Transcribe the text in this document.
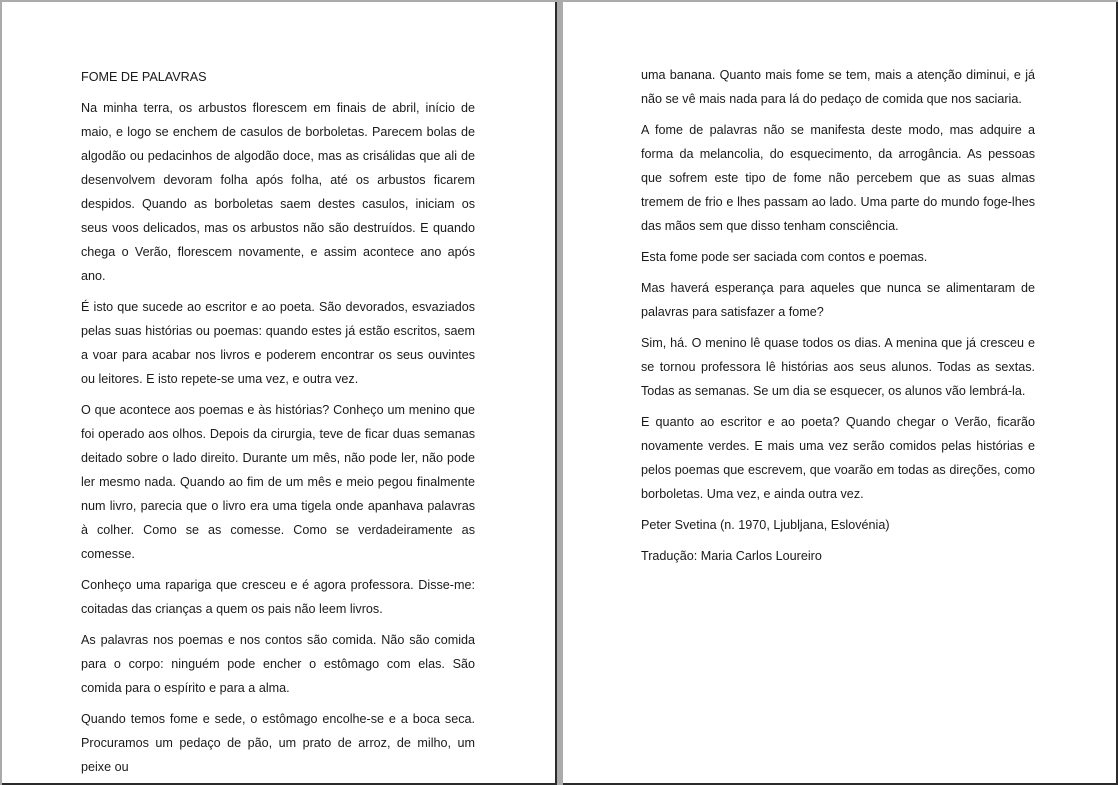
FOME DE PALAVRAS

Na minha terra, os arbustos florescem em finais de abril, início de maio, e logo se enchem de casulos de borboletas. Parecem bolas de algodão ou pedacinhos de algodão doce, mas as crisálidas que ali de desenvolvem devoram folha após folha, até os arbustos ficarem despidos. Quando as borboletas saem destes casulos, iniciam os seus voos delicados, mas os arbustos não são destruídos. E quando chega o Verão, florescem novamente, e assim acontece ano após ano.

É isto que sucede ao escritor e ao poeta. São devorados, esvaziados pelas suas histórias ou poemas: quando estes já estão escritos, saem a voar para acabar nos livros e poderem encontrar os seus ouvintes ou leitores. E isto repete-se uma vez, e outra vez.

O que acontece aos poemas e às histórias? Conheço um menino que foi operado aos olhos. Depois da cirurgia, teve de ficar duas semanas deitado sobre o lado direito. Durante um mês, não pode ler, não pode ler mesmo nada. Quando ao fim de um mês e meio pegou finalmente num livro, parecia que o livro era uma tigela onde apanhava palavras à colher. Como se as comesse. Como se verdadeiramente as comesse.

Conheço uma rapariga que cresceu e é agora professora. Disse-me: coitadas das crianças a quem os pais não leem livros.

As palavras nos poemas e nos contos são comida. Não são comida para o corpo: ninguém pode encher o estômago com elas. São comida para o espírito e para a alma.

Quando temos fome e sede, o estômago encolhe-se e a boca seca. Procuramos um pedaço de pão, um prato de arroz, de milho, um peixe ou

uma banana. Quanto mais fome se tem, mais a atenção diminui, e já não se vê mais nada para lá do pedaço de comida que nos saciaria.

A fome de palavras não se manifesta deste modo, mas adquire a forma da melancolia, do esquecimento, da arrogância. As pessoas que sofrem este tipo de fome não percebem que as suas almas tremem de frio e lhes passam ao lado. Uma parte do mundo foge-lhes das mãos sem que disso tenham consciência.

Esta fome pode ser saciada com contos e poemas.

Mas haverá esperança para aqueles que nunca se alimentaram de palavras para satisfazer a fome?

Sim, há. O menino lê quase todos os dias. A menina que já cresceu e se tornou professora lê histórias aos seus alunos. Todas as sextas. Todas as semanas. Se um dia se esquecer, os alunos vão lembrá-la.

E quanto ao escritor e ao poeta? Quando chegar o Verão, ficarão novamente verdes. E mais uma vez serão comidos pelas histórias e pelos poemas que escrevem, que voarão em todas as direções, como borboletas. Uma vez, e ainda outra vez.

Peter Svetina (n. 1970, Ljubljana, Eslovénia)

Tradução: Maria Carlos Loureiro
